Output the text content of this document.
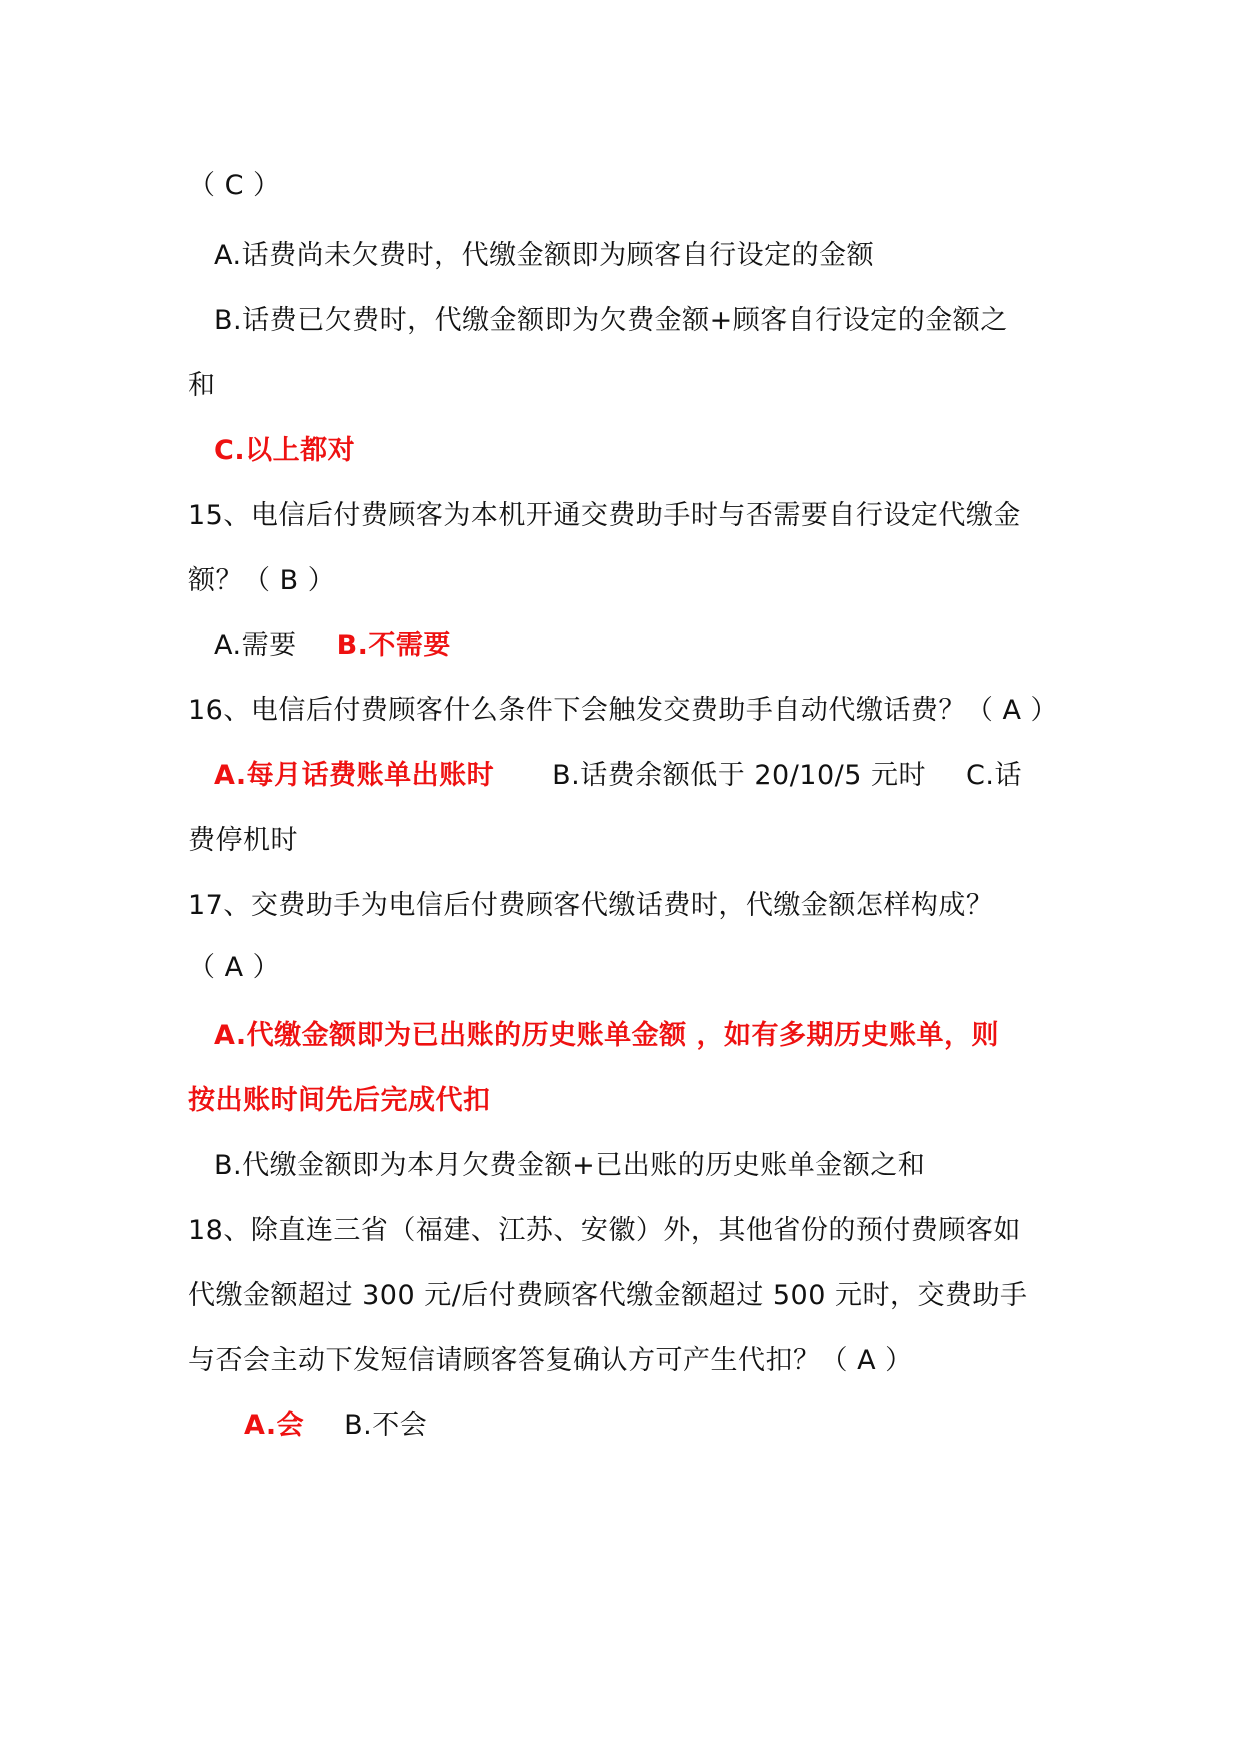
（ C ）
A.话费尚未欠费时，代缴金额即为顾客自行设定的金额
B.话费已欠费时，代缴金额即为欠费金额+顾客自行设定的金额之
和
C.以上都对
15、电信后付费顾客为本机开通交费助手时与否需要自行设定代缴金
额？（ B ）
A.需要 B.不需要
16、电信后付费顾客什么条件下会触发交费助手自动代缴话费？（ A ）
A.每月话费账单出账时 B.话费余额低于 20/10/5 元时 C.话
费停机时
17、交费助手为电信后付费顾客代缴话费时，代缴金额怎样构成？
（ A ）
A.代缴金额即为已出账的历史账单金额 ，如有多期历史账单，则
按出账时间先后完成代扣
B.代缴金额即为本月欠费金额+已出账的历史账单金额之和
18、除直连三省（福建、江苏、安徽）外，其他省份的预付费顾客如
代缴金额超过 300 元/后付费顾客代缴金额超过 500 元时，交费助手
与否会主动下发短信请顾客答复确认方可产生代扣？（ A ）
A.会 B.不会
